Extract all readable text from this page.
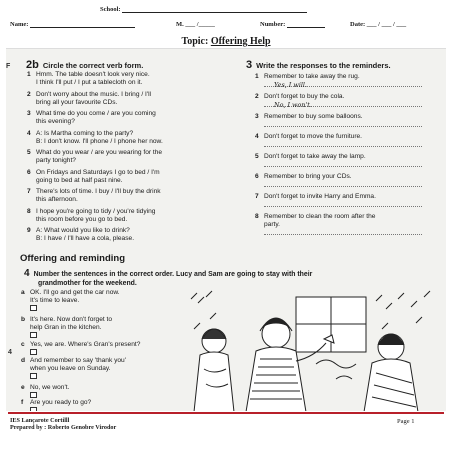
School:
Name:	M. ___ /_____	Number:	Date: ___ / ___ / ___
Topic: Offering Help
F 2b Circle the correct verb form.
1 Hmm. The table doesn't look very nice.
I think I'll put / I put a tablecloth on it.
2 Don't worry about the music. I bring / I'll
bring all your favourite CDs.
3 What time do you come / are you coming
this evening?
4 A: Is Martha coming to the party?
B: I don't know. I'll phone / I phone her now.
5 What do you wear / are you wearing for the
party tonight?
6 On Fridays and Saturdays I go to bed / I'm
going to bed at half past nine.
7 There's lots of time. I buy / I'll buy the drink
this afternoon.
8 I hope you're going to tidy / you're tidying
this room before you go to bed.
9 A: What would you like to drink?
B: I have / I'll have a cola, please.
3 Write the responses to the reminders.
1 Remember to take away the rug.
Yes, I will.
2 Don't forget to buy the cola.
No, I won't.
3 Remember to buy some balloons.
4 Don't forget to move the furniture.
5 Don't forget to take away the lamp.
6 Remember to bring your CDs.
7 Don't forget to invite Harry and Emma.
8 Remember to clean the room after the
party.
Offering and reminding
4 Number the sentences in the correct order. Lucy and Sam are going to stay with their
grandmother for the weekend.
a OK. I'll go and get the car now.
It's time to leave.
b It's here. Now don't forget to
help Gran in the kitchen.
c Yes, we are. Where's Gran's present?
d And remember to say 'thank you'
when you leave on Sunday.
e No, we won't.
f Are you ready to go?
4
IES Lançarote Cortilll
Prepared by : Roberto Genobre Virodor
Page 1
